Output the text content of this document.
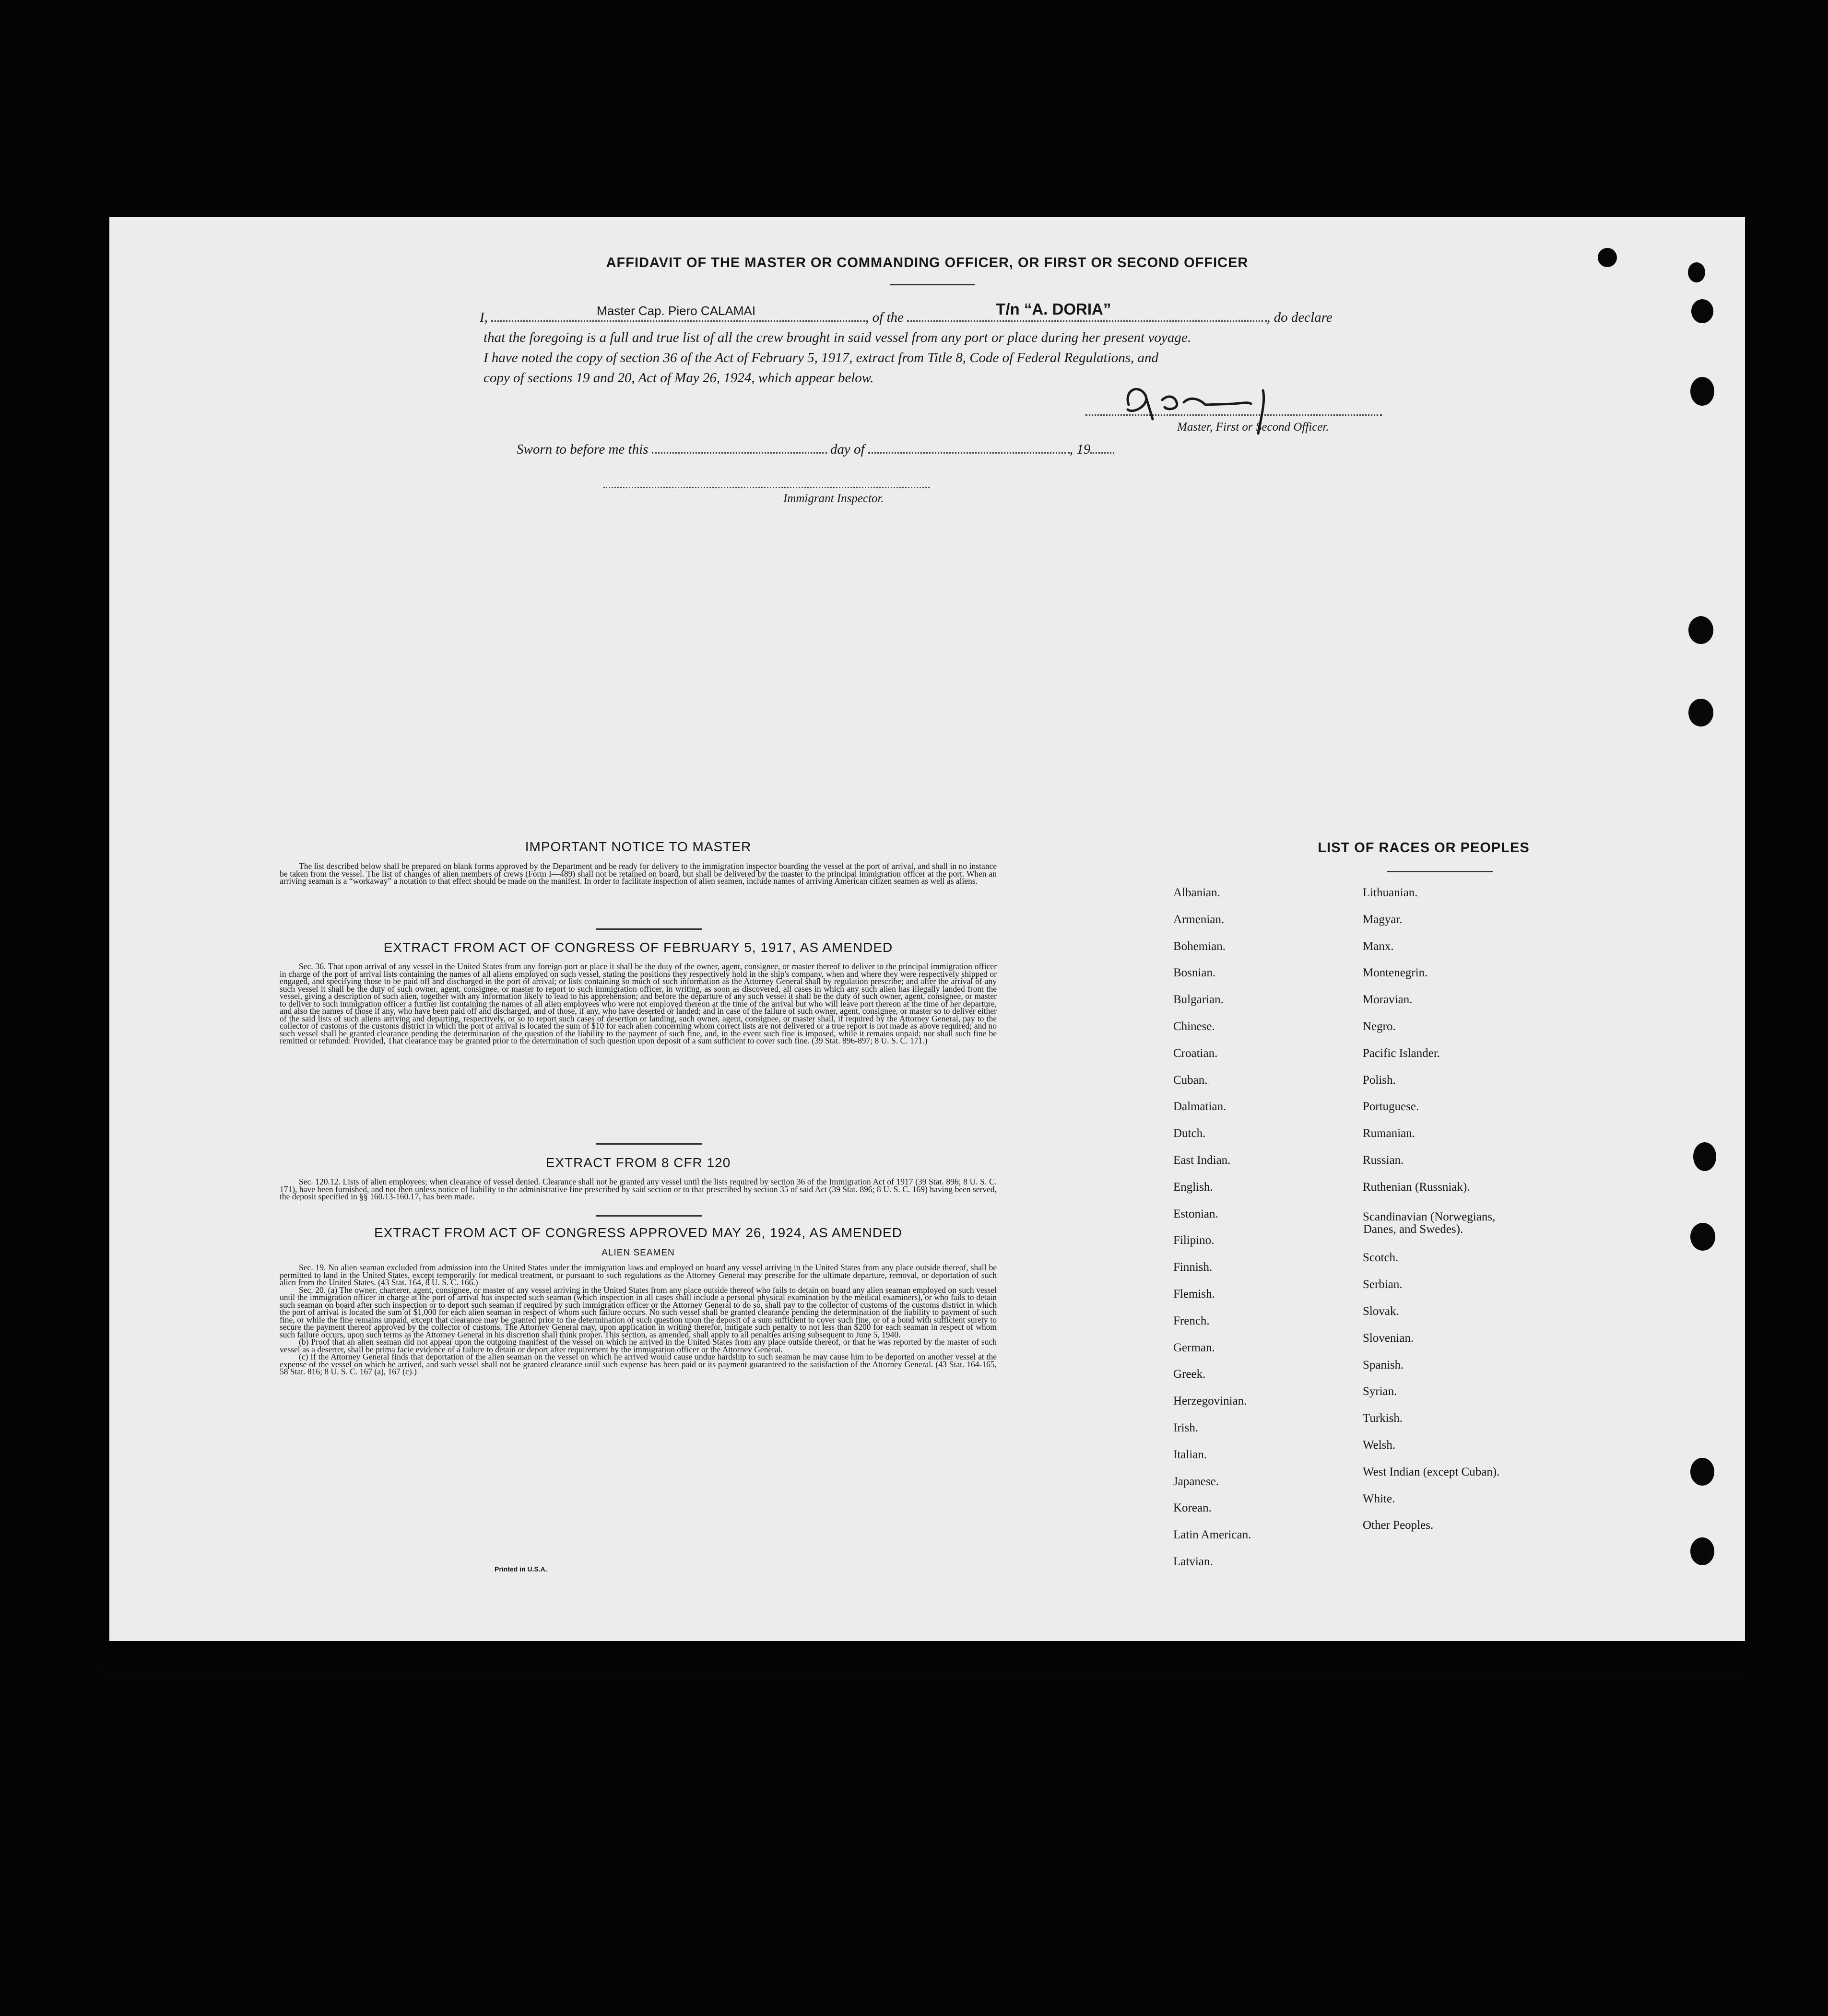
AFFIDAVIT OF THE MASTER OR COMMANDING OFFICER, OR FIRST OR SECOND OFFICER
I,	Master Cap. Piero CALAMAI	, of the	T/n “A. DORIA”	, do declare
that the foregoing is a full and true list of all the crew brought in said vessel from any port or place during her present voyage.
I have noted the copy of section 36 of the Act of February 5, 1917, extract from Title 8, Code of Federal Regulations, and
copy of sections 19 and 20, Act of May 26, 1924, which appear below.
Master, First or Second Officer.
Sworn to before me this	day of	, 19
Immigrant Inspector.
IMPORTANT NOTICE TO MASTER

The list described below shall be prepared on blank forms approved by the Department and be ready for delivery to the immigration inspector boarding the vessel at the port of arrival, and shall in no instance be taken from the vessel. The list of changes of alien members of crews (Form I—489) shall not be retained on board, but shall be delivered by the master to the principal immigration officer at the port. When an arriving seaman is a “workaway” a notation to that effect should be made on the manifest. In order to facilitate inspection of alien seamen, include names of arriving American citizen seamen as well as aliens.

EXTRACT FROM ACT OF CONGRESS OF FEBRUARY 5, 1917, AS AMENDED

Sec. 36. That upon arrival of any vessel in the United States from any foreign port or place it shall be the duty of the owner, agent, consignee, or master thereof to deliver to the principal immigration officer in charge of the port of arrival lists containing the names of all aliens employed on such vessel, stating the positions they respectively hold in the ship's company, when and where they were respectively shipped or engaged, and specifying those to be paid off and discharged in the port of arrival; or lists containing so much of such information as the Attorney General shall by regulation prescribe; and after the arrival of any such vessel it shall be the duty of such owner, agent, consignee, or master to report to such immigration officer, in writing, as soon as discovered, all cases in which any such alien has illegally landed from the vessel, giving a description of such alien, together with any information likely to lead to his apprehension; and before the departure of any such vessel it shall be the duty of such owner, agent, consignee, or master to deliver to such immigration officer a further list containing the names of all alien employees who were not employed thereon at the time of the arrival but who will leave port thereon at the time of her departure, and also the names of those if any, who have been paid off and discharged, and of those, if any, who have deserted or landed; and in case of the failure of such owner, agent, consignee, or master so to deliver either of the said lists of such aliens arriving and departing, respectively, or so to report such cases of desertion or landing, such owner, agent, consignee, or master shall, if required by the Attorney General, pay to the collector of customs of the customs district in which the port of arrival is located the sum of $10 for each alien concerning whom correct lists are not delivered or a true report is not made as above required; and no such vessel shall be granted clearance pending the determination of the question of the liability to the payment of such fine, and, in the event such fine is imposed, while it remains unpaid; nor shall such fine be remitted or refunded: Provided, That clearance may be granted prior to the determination of such question upon deposit of a sum sufficient to cover such fine. (39 Stat. 896-897; 8 U. S. C. 171.)

EXTRACT FROM 8 CFR 120

Sec. 120.12. Lists of alien employees; when clearance of vessel denied. Clearance shall not be granted any vessel until the lists required by section 36 of the Immigration Act of 1917 (39 Stat. 896; 8 U. S. C. 171), have been furnished, and not then unless notice of liability to the administrative fine prescribed by said section or to that prescribed by section 35 of said Act (39 Stat. 896; 8 U. S. C. 169) having been served, the deposit specified in §§ 160.13-160.17, has been made.

EXTRACT FROM ACT OF CONGRESS APPROVED MAY 26, 1924, AS AMENDED
ALIEN SEAMEN

Sec. 19. No alien seaman excluded from admission into the United States under the immigration laws and employed on board any vessel arriving in the United States from any place outside thereof, shall be permitted to land in the United States, except temporarily for medical treatment, or pursuant to such regulations as the Attorney General may prescribe for the ultimate departure, removal, or deportation of such alien from the United States. (43 Stat. 164, 8 U. S. C. 166.)

Sec. 20. (a) The owner, charterer, agent, consignee, or master of any vessel arriving in the United States from any place outside thereof who fails to detain on board any alien seaman employed on such vessel until the immigration officer in charge at the port of arrival has inspected such seaman (which inspection in all cases shall include a personal physical examination by the medical examiners), or who fails to detain such seaman on board after such inspection or to deport such seaman if required by such immigration officer or the Attorney General to do so, shall pay to the collector of customs of the customs district in which the port of arrival is located the sum of $1,000 for each alien seaman in respect of whom such failure occurs. No such vessel shall be granted clearance pending the determination of the liability to payment of such fine, or while the fine remains unpaid, except that clearance may be granted prior to the determination of such question upon the deposit of a sum sufficient to cover such fine, or of a bond with sufficient surety to secure the payment thereof approved by the collector of customs. The Attorney General may, upon application in writing therefor, mitigate such penalty to not less than $200 for each seaman in respect of whom such failure occurs, upon such terms as the Attorney General in his discretion shall think proper. This section, as amended, shall apply to all penalties arising subsequent to June 5, 1940.

(b) Proof that an alien seaman did not appear upon the outgoing manifest of the vessel on which he arrived in the United States from any place outside thereof, or that he was reported by the master of such vessel as a deserter, shall be prima facie evidence of a failure to detain or deport after requirement by the immigration officer or the Attorney General.

(c) If the Attorney General finds that deportation of the alien seaman on the vessel on which he arrived would cause undue hardship to such seaman he may cause him to be deported on another vessel at the expense of the vessel on which he arrived, and such vessel shall not be granted clearance until such expense has been paid or its payment guaranteed to the satisfaction of the Attorney General. (43 Stat. 164-165, 58 Stat. 816; 8 U. S. C. 167 (a), 167 (c).)

Printed in U.S.A.
LIST OF RACES OR PEOPLES
Albanian.
Armenian.
Bohemian.
Bosnian.
Bulgarian.
Chinese.
Croatian.
Cuban.
Dalmatian.
Dutch.
East Indian.
English.
Estonian.
Filipino.
Finnish.
Flemish.
French.
German.
Greek.
Herzegovinian.
Irish.
Italian.
Japanese.
Korean.
Latin American.
Latvian.
Lithuanian.
Magyar.
Manx.
Montenegrin.
Moravian.
Negro.
Pacific Islander.
Polish.
Portuguese.
Rumanian.
Russian.
Ruthenian (Russniak).
Scandinavian (Norwegians,
Danes, and Swedes).
Scotch.
Serbian.
Slovak.
Slovenian.
Spanish.
Syrian.
Turkish.
Welsh.
West Indian (except Cuban).
White.
Other Peoples.
